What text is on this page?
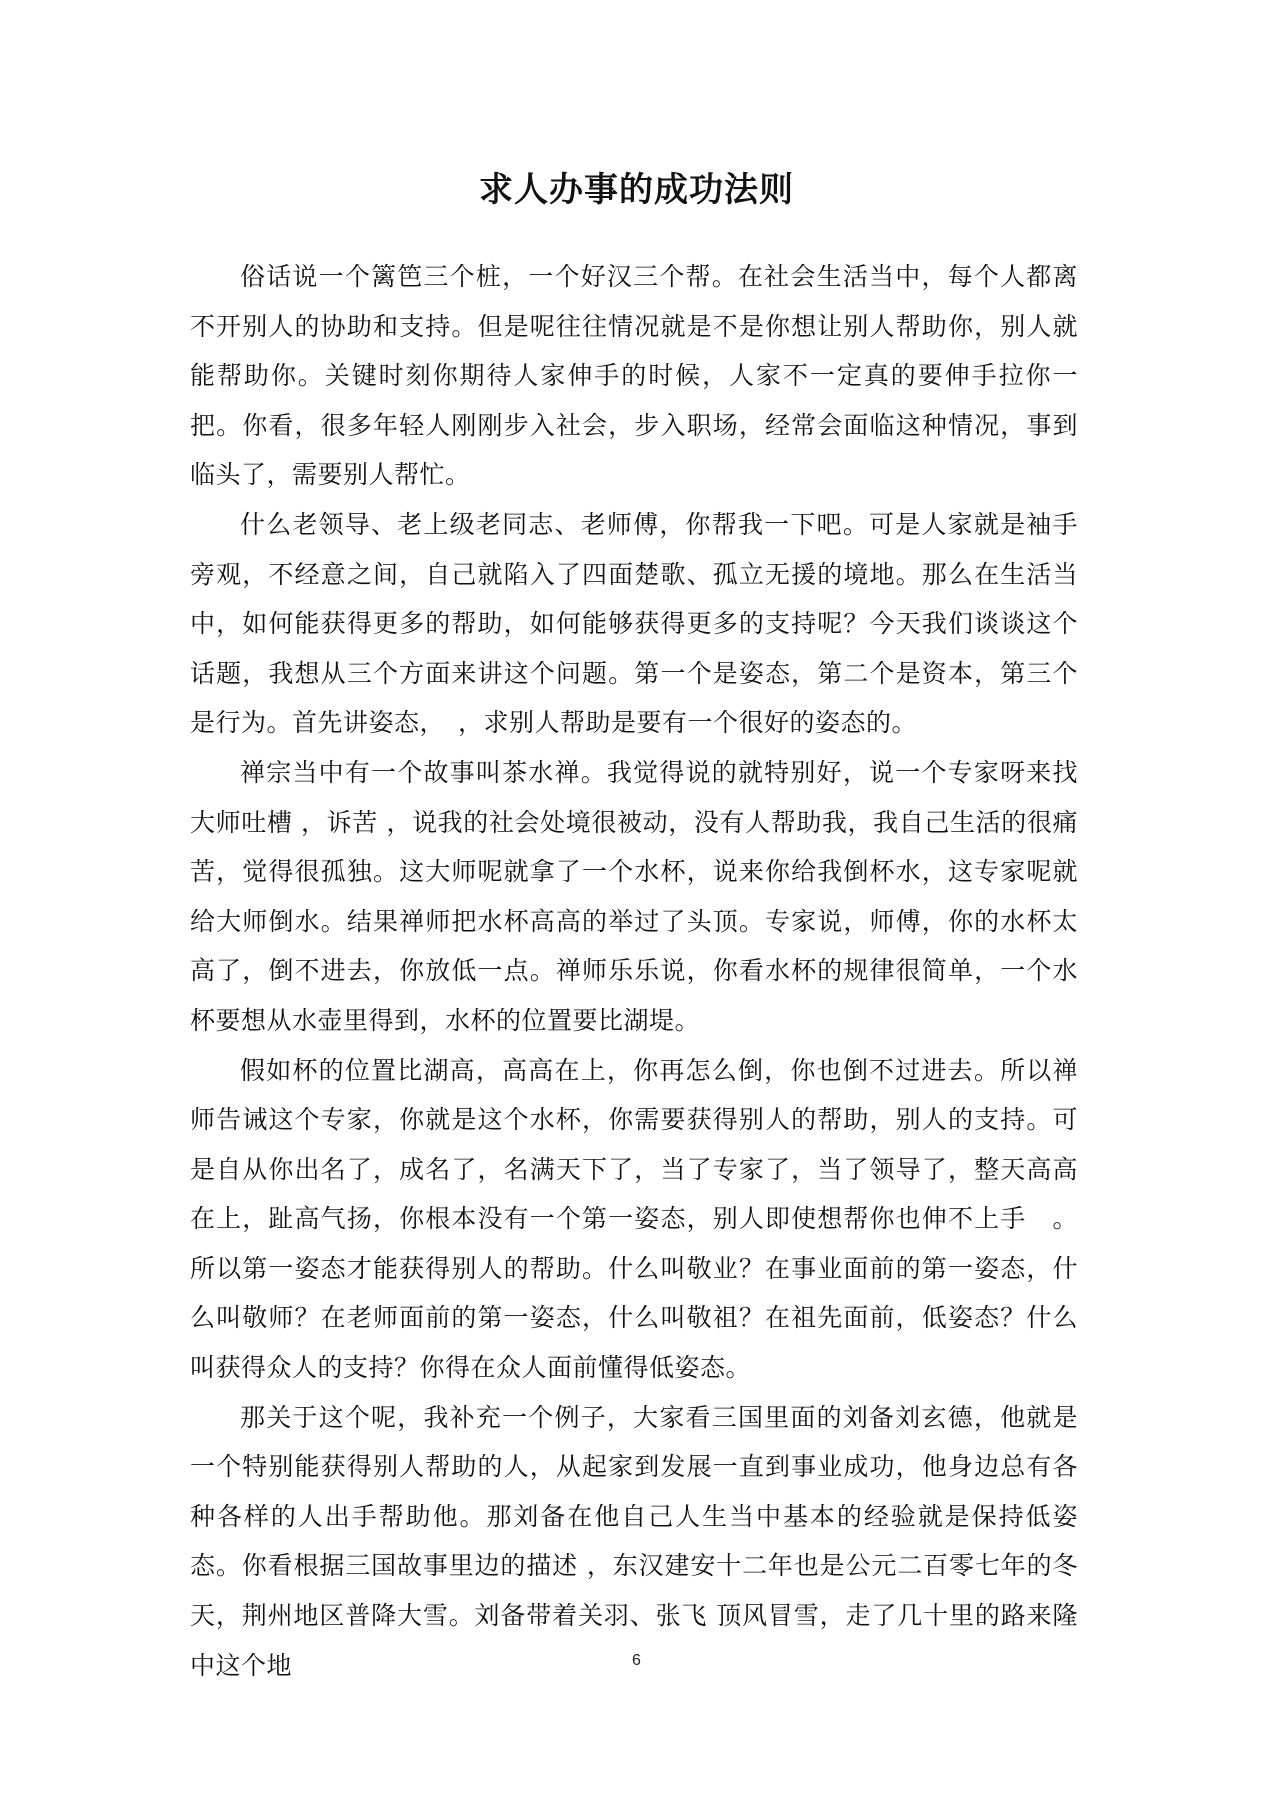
求人办事的成功法则

俗话说一个篱笆三个桩，一个好汉三个帮。在社会生活当中，每个人都离不开别人的协助和支持。但是呢往往情况就是不是你想让别人帮助你，别人就能帮助你。关键时刻你期待人家伸手的时候，人家不一定真的要伸手拉你一把。你看，很多年轻人刚刚步入社会，步入职场，经常会面临这种情况，事到临头了，需要别人帮忙。

什么老领导、老上级老同志、老师傅，你帮我一下吧。可是人家就是袖手旁观，不经意之间，自己就陷入了四面楚歌、孤立无援的境地。那么在生活当中，如何能获得更多的帮助，如何能够获得更多的支持呢？今天我们谈谈这个话题，我想从三个方面来讲这个问题。第一个是姿态，第二个是资本，第三个是行为。首先讲姿态，　，求别人帮助是要有一个很好的姿态的。

禅宗当中有一个故事叫茶水禅。我觉得说的就特别好，说一个专家呀来找大师吐槽 ，诉苦 ，说我的社会处境很被动，没有人帮助我，我自己生活的很痛苦，觉得很孤独。这大师呢就拿了一个水杯，说来你给我倒杯水，这专家呢就给大师倒水。结果禅师把水杯高高的举过了头顶。专家说，师傅，你的水杯太高了，倒不进去，你放低一点。禅师乐乐说，你看水杯的规律很简单，一个水杯要想从水壶里得到，水杯的位置要比湖堤。

假如杯的位置比湖高，高高在上，你再怎么倒，你也倒不过进去。所以禅师告诫这个专家，你就是这个水杯，你需要获得别人的帮助，别人的支持。可是自从你出名了，成名了，名满天下了，当了专家了，当了领导了，整天高高在上，趾高气扬，你根本没有一个第一姿态，别人即使想帮你也伸不上手　。所以第一姿态才能获得别人的帮助。什么叫敬业？在事业面前的第一姿态，什么叫敬师？在老师面前的第一姿态，什么叫敬祖？在祖先面前，低姿态？什么叫获得众人的支持？你得在众人面前懂得低姿态。

那关于这个呢，我补充一个例子，大家看三国里面的刘备刘玄德，他就是一个特别能获得别人帮助的人，从起家到发展一直到事业成功，他身边总有各种各样的人出手帮助他。那刘备在他自己人生当中基本的经验就是保持低姿态。你看根据三国故事里边的描述 ，东汉建安十二年也是公元二百零七年的冬天，荆州地区普降大雪。刘备带着关羽、张飞 顶风冒雪，走了几十里的路来隆中这个地	6
